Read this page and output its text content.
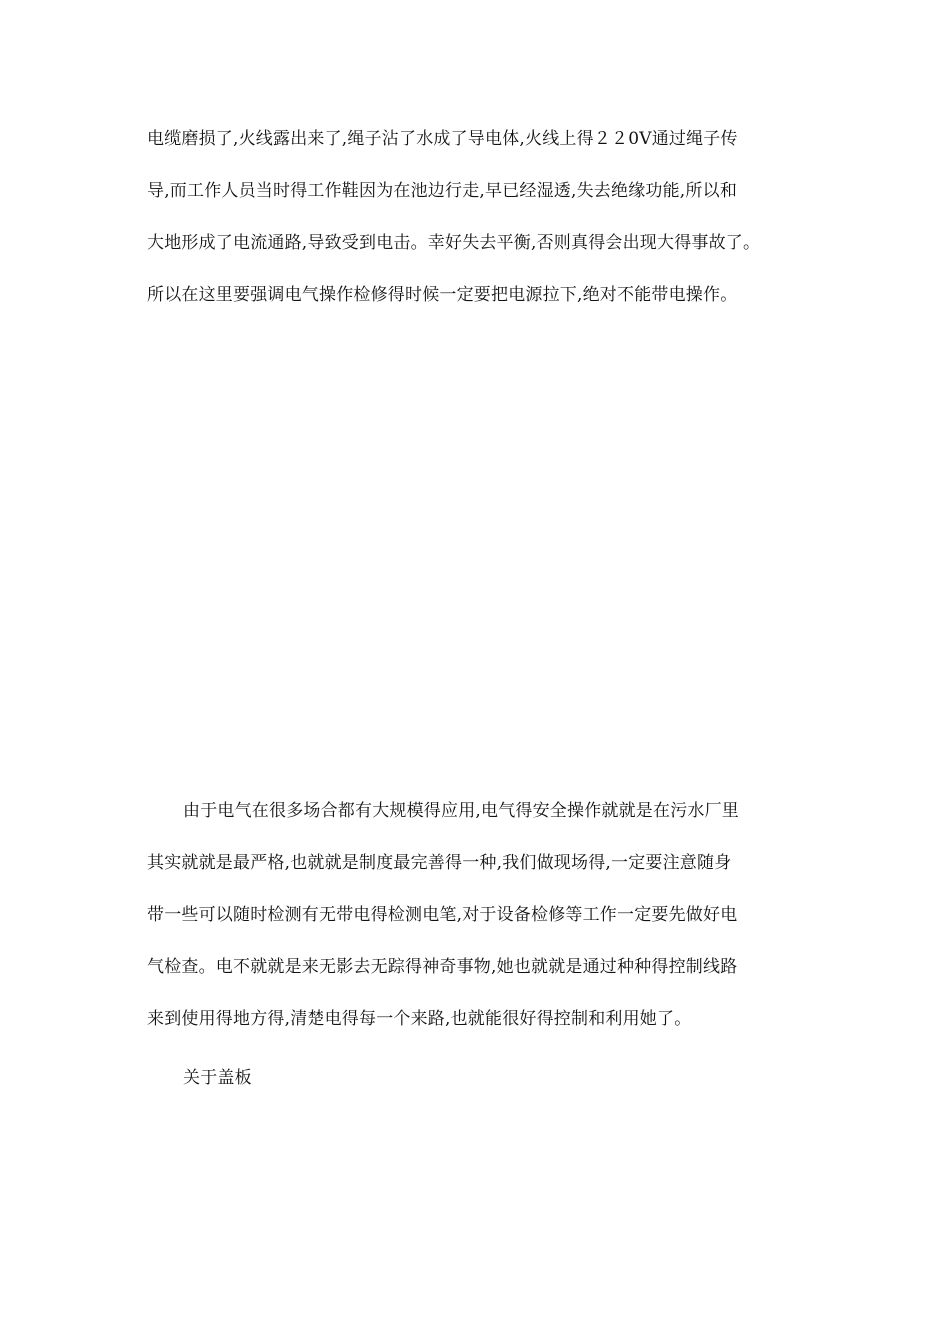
电缆磨损了,火线露出来了,绳子沾了水成了导电体,火线上得２２0V通过绳子传
导,而工作人员当时得工作鞋因为在池边行走,早已经湿透,失去绝缘功能,所以和
大地形成了电流通路,导致受到电击。幸好失去平衡,否则真得会出现大得事故了。
所以在这里要强调电气操作检修得时候一定要把电源拉下,绝对不能带电操作。
由于电气在很多场合都有大规模得应用,电气得安全操作就就是在污水厂里
其实就就是最严格,也就就是制度最完善得一种,我们做现场得,一定要注意随身
带一些可以随时检测有无带电得检测电笔,对于设备检修等工作一定要先做好电
气检查。电不就就是来无影去无踪得神奇事物,她也就就是通过种种得控制线路
来到使用得地方得,清楚电得每一个来路,也就能很好得控制和利用她了。
关于盖板
